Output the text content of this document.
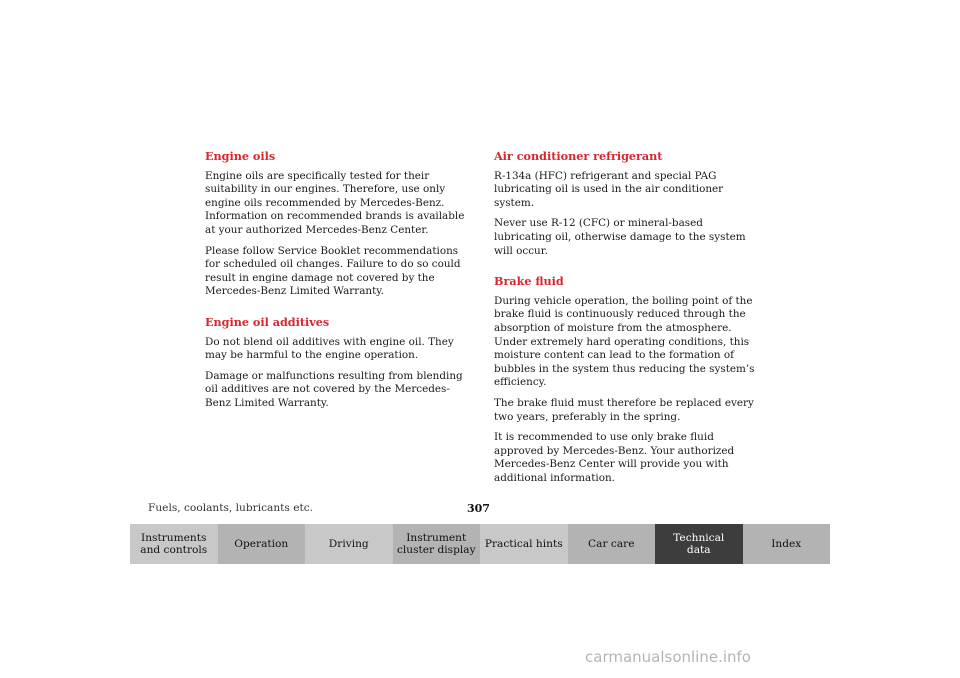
Engine oils
Engine oils are specifically tested for their suitability in our engines. Therefore, use only engine oils recommended by Mercedes-Benz. Information on recommended brands is available at your authorized Mercedes-Benz Center.
Please follow Service Booklet recommendations for scheduled oil changes. Failure to do so could result in engine damage not covered by the Mercedes-Benz Limited Warranty.
Engine oil additives
Do not blend oil additives with engine oil. They may be harmful to the engine operation.
Damage or malfunctions resulting from blending oil additives are not covered by the Mercedes-Benz Limited Warranty.
Air conditioner refrigerant
R-134a (HFC) refrigerant and special PAG lubricating oil is used in the air conditioner system.
Never use R-12 (CFC) or mineral-based lubricating oil, otherwise damage to the system will occur.
Brake fluid
During vehicle operation, the boiling point of the brake fluid is continuously reduced through the absorption of moisture from the atmosphere. Under extremely hard operating conditions, this moisture content can lead to the formation of bubbles in the system thus reducing the system’s efficiency.
The brake fluid must therefore be replaced every two years, preferably in the spring.
It is recommended to use only brake fluid approved by Mercedes-Benz. Your authorized Mercedes-Benz Center will provide you with additional information.
Fuels, coolants, lubricants etc.	307
Instruments
and controls
Operation	Driving
Instrument
cluster display
Practical hints Car care
Technical
data
Index
carmanualsonline.info
